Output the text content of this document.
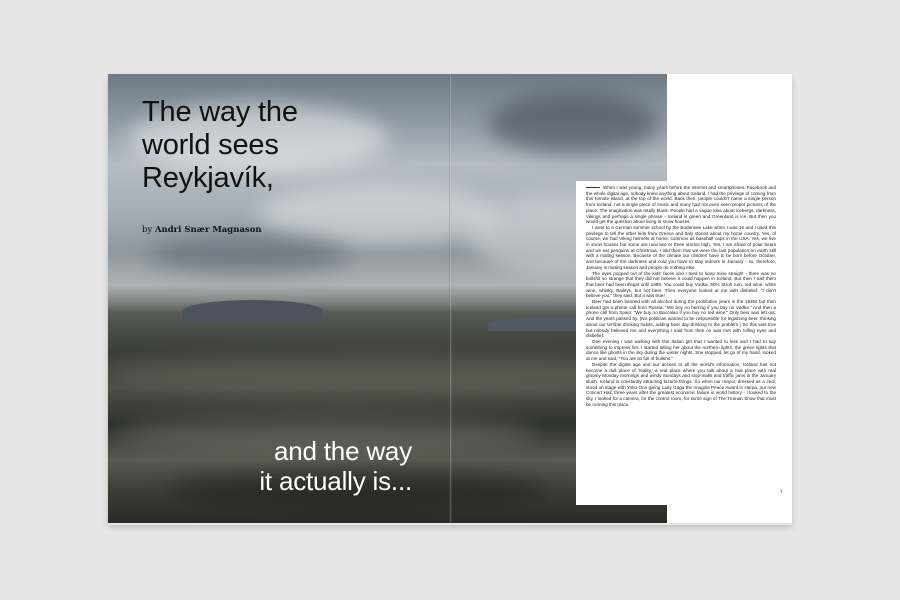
The way the
world sees
Reykjavík,
by Andri Snær Magnason
and the way
it actually is...

When I was young, many years before the internet and smartphones, Facebook and the whole digital age, nobody knew anything about Iceland. I had the privilege of coming from this remote island, at the top of the world. Back then, people couldn't name a single person from Iceland, not a single piece of music and many had not even seen proper pictures of the place. The imagination was totally blank. People had a vague idea about icebergs, darkness, Vikings and perhaps a single phrase - Iceland is green and Greenland is ice. But then you would get the question about living in snow houses.

I went to a German summer school by the Bodensee Lake when I was 16 and I used this privilege to tell the other kids from Greece and Italy stories about my home country. Yes, of course, we had Viking helmets at home, common as baseball caps in the USA. Yes, we live in snow houses but some are now two or three stories high. Yes, I am afraid of polar bears and we eat penguins at Christmas. I told them that we were the last population on earth still with a mating season. Because of the climate our children have to be born before October, and because of the darkness and cold you have to stay indoors in January - so, therefore, January is mating season and people do nothing else.

The eyes popped out of the kids' faces and I tried to keep mine straight - there was no bullshit so strange that they did not believe it could happen in Iceland. But then I told them that beer had been illegal until 1989. You could buy Vodka, 90% Stroh rum, red wine, white wine, whisky, Baileys, but not beer. Then everyone looked at me with disbelief. "I don't believe you," they said. But it was true!

Beer had been banned with all alcohol during the prohibition years in the 1930s but then Iceland got a phone call from Russia: "We buy no herring if you buy no Vodka." And then a phone call from Spain: "We buy no Baccalao if you buy no red wine." Only beer was left out. And the years passed by. (No politician wanted to be responsible for legalizing beer, thinking about our terrible drinking habits, adding beer day-drinking to the problem.) So this was true but nobody believed me and everything I said from then on was met with rolling eyes and disbelief.

One evening I was walking with this Italian girl that I wanted to kiss and I had to say something to impress her. I started telling her about the northern lights, the green lights that dance like ghosts in the sky during the winter nights. She stopped, let go of my hand, looked at me and said, "You are so full of bullshit."

Despite the digital age and our access to all the world's information, Iceland has not become a dull place of 'reality,' a real place where you talk about a real place with real gloomy Monday mornings and windy Sundays and stop-malls and traffic jams in the January slush. Iceland is constantly attracting bizarre things. So when our mayor, dressed as a Jedi, stood on stage with Yoko Ono giving Lady Gaga the Imagine Peace Award in Harpa, our new Concert Hall, three years after the greatest economic failure in world history - I looked to the sky. I looked for a camera, for the control room, for some sign of The Truman Show that must be running this place.

7
